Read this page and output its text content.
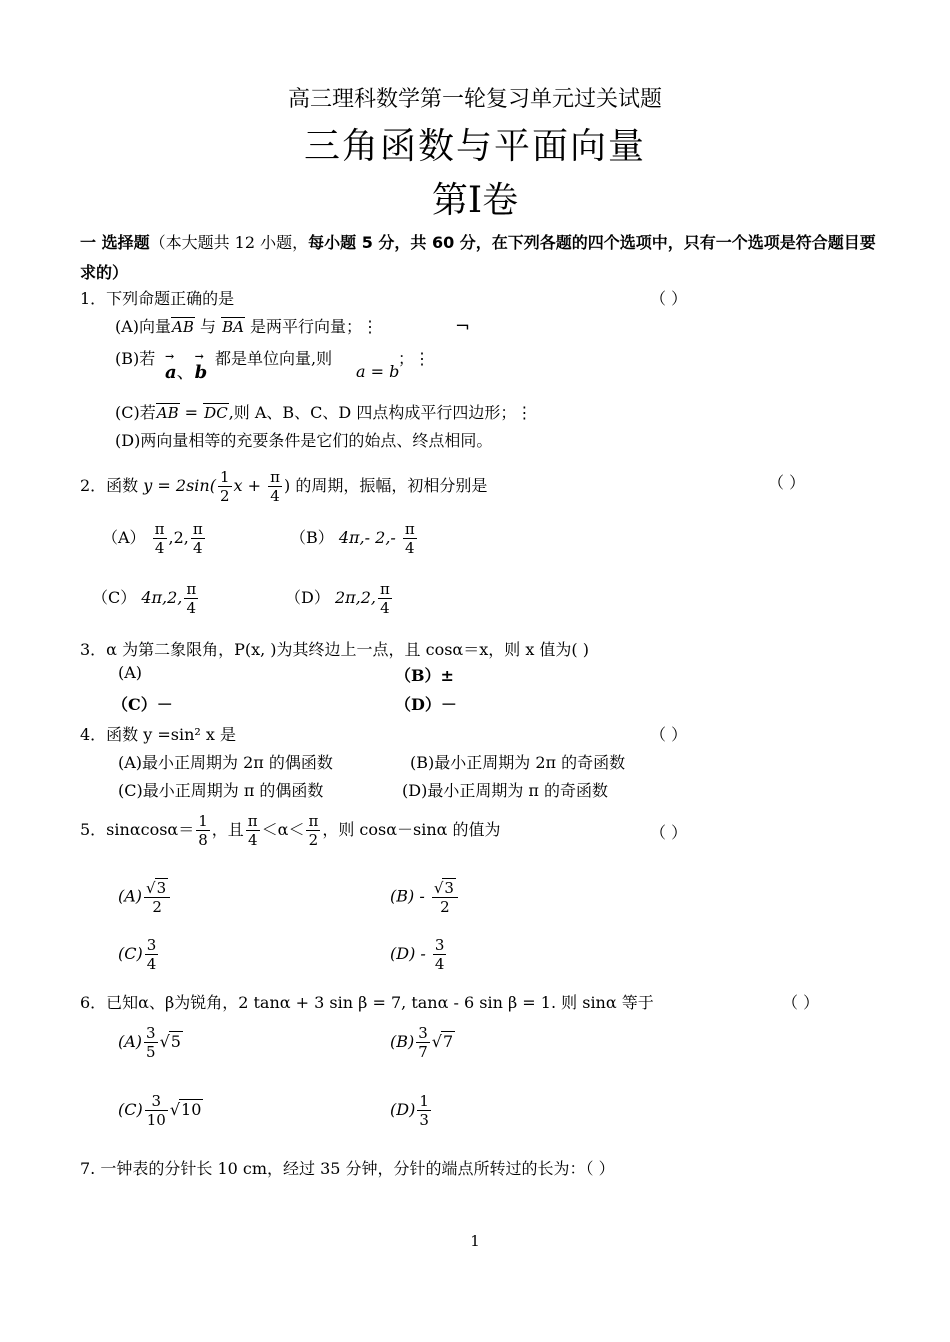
高三理科数学第一轮复习单元过关试题
三角函数与平面向量
第I卷
一 选择题（本大题共 12 小题，每小题 5 分，共 60 分，在下列各题的四个选项中，只有一个选项是符合题目要求的）
1．下列命题正确的是	（ ）
(A)向量AB 与 BA 是两平行向量；⋮	¬
(B)若
→ a、→ b
都是单位向量,则
a = b
；⋮
(C)若AB = DC,则 A、B、C、D 四点构成平行四边形；⋮
(D)两向量相等的充要条件是它们的始点、终点相同。
2．函数 $y = 2\sin( \frac{1}{2}$ $x + \frac{\pi}{4}$ ) 的周期，振幅，初相分别是	（ ）
$(A) \frac{\pi}{4} ,2$, $\frac{\pi}{4}$	（B） 4π,- $2,- \frac{\pi}{4}$
（C） 4π,2, $\frac{\pi}{4}$	（D） 2π,2, $\frac{\pi}{4}$
3．α 为第二象限角，P(x, )为其终边上一点，且 cosα＝x，则 x 值为( )
(A)	（B）±
（C）－	（D）－
4．函数 y =sin² x 是	（ ）
(A)最小正周期为 2π 的偶函数	(B)最小正周期为 2π 的奇函数
(C)最小正周期为 π 的偶函数	(D)最小正周期为 π 的奇函数
5．$\sin\alpha\cos\alpha= \frac{1}{8}$ ，且 $\frac{\pi}{4} <\alpha< \frac{\pi}{2}$ ，则 cosα－sinα 的值为	（ ）
$(A) \frac{√3}{2}$	$(B) - \frac{√3}{2}$
$(C) \frac{3}{4}$	$(D) - \frac{3}{4}$
6．已知α、β为锐角，2 tanα + 3 sin β = 7, tanα - 6 sin β = 1. 则 sinα 等于	（ ）
$(A) \frac{3}{5} √5$	$(B) \frac{3}{7} √7$
$(C) \frac{3}{10} √10$	$(D) \frac{1}{3}$
7. 一钟表的分针长 10 cm，经过 35 分钟，分针的端点所转过的长为：（ ）
1
